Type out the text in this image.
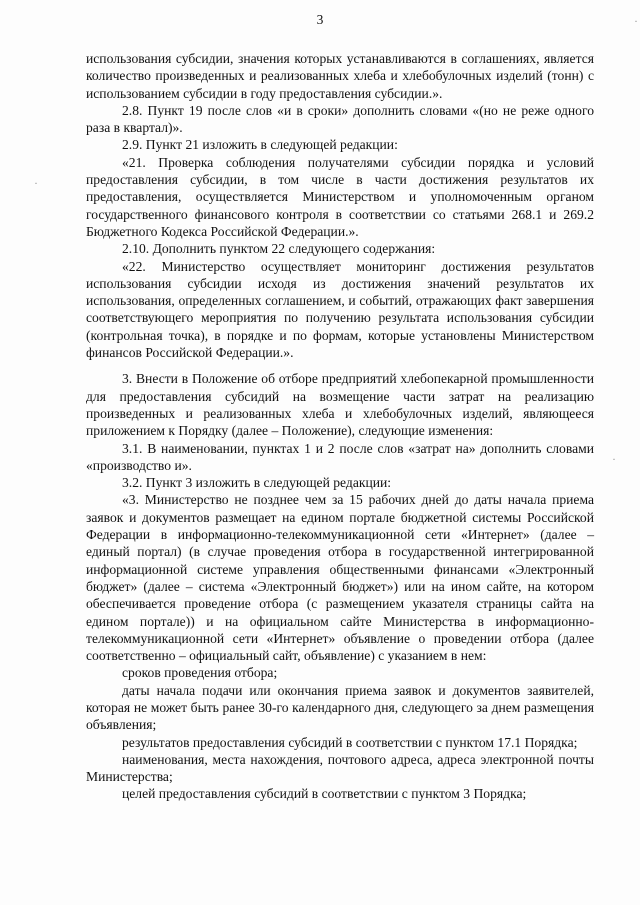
3

использования субсидии, значения которых устанавливаются в соглашениях, является количество произведенных и реализованных хлеба и хлебобулочных изделий (тонн) с использованием субсидии в году предоставления субсидии.».

2.8. Пункт 19 после слов «и в сроки» дополнить словами «(но не реже одного раза в квартал)».

2.9. Пункт 21 изложить в следующей редакции:

«21. Проверка соблюдения получателями субсидии порядка и условий предоставления субсидии, в том числе в части достижения результатов их предоставления, осуществляется Министерством и уполномоченным органом государственного финансового контроля в соответствии со статьями 268.1 и 269.2 Бюджетного Кодекса Российской Федерации.».

2.10. Дополнить пунктом 22 следующего содержания:

«22. Министерство осуществляет мониторинг достижения результатов использования субсидии исходя из достижения значений результатов их использования, определенных соглашением, и событий, отражающих факт завершения соответствующего мероприятия по получению результата использования субсидии (контрольная точка), в порядке и по формам, которые установлены Министерством финансов Российской Федерации.».

3. Внести в Положение об отборе предприятий хлебопекарной промышленности для предоставления субсидий на возмещение части затрат на реализацию произведенных и реализованных хлеба и хлебобулочных изделий, являющееся приложением к Порядку (далее – Положение), следующие изменения:

3.1. В наименовании, пунктах 1 и 2 после слов «затрат на» дополнить словами «производство и».

3.2. Пункт 3 изложить в следующей редакции:

«3. Министерство не позднее чем за 15 рабочих дней до даты начала приема заявок и документов размещает на едином портале бюджетной системы Российской Федерации в информационно-телекоммуникационной сети «Интернет» (далее – единый портал) (в случае проведения отбора в государственной интегрированной информационной системе управления общественными финансами «Электронный бюджет» (далее – система «Электронный бюджет») или на ином сайте, на котором обеспечивается проведение отбора (с размещением указателя страницы сайта на едином портале)) и на официальном сайте Министерства в информационно-телекоммуникационной сети «Интернет» объявление о проведении отбора (далее соответственно – официальный сайт, объявление) с указанием в нем:

сроков проведения отбора;

даты начала подачи или окончания приема заявок и документов заявителей, которая не может быть ранее 30-го календарного дня, следующего за днем размещения объявления;

результатов предоставления субсидий в соответствии с пунктом 17.1 Порядка;

наименования, места нахождения, почтового адреса, адреса электронной почты Министерства;

целей предоставления субсидий в соответствии с пунктом 3 Порядка;

·
·
·
